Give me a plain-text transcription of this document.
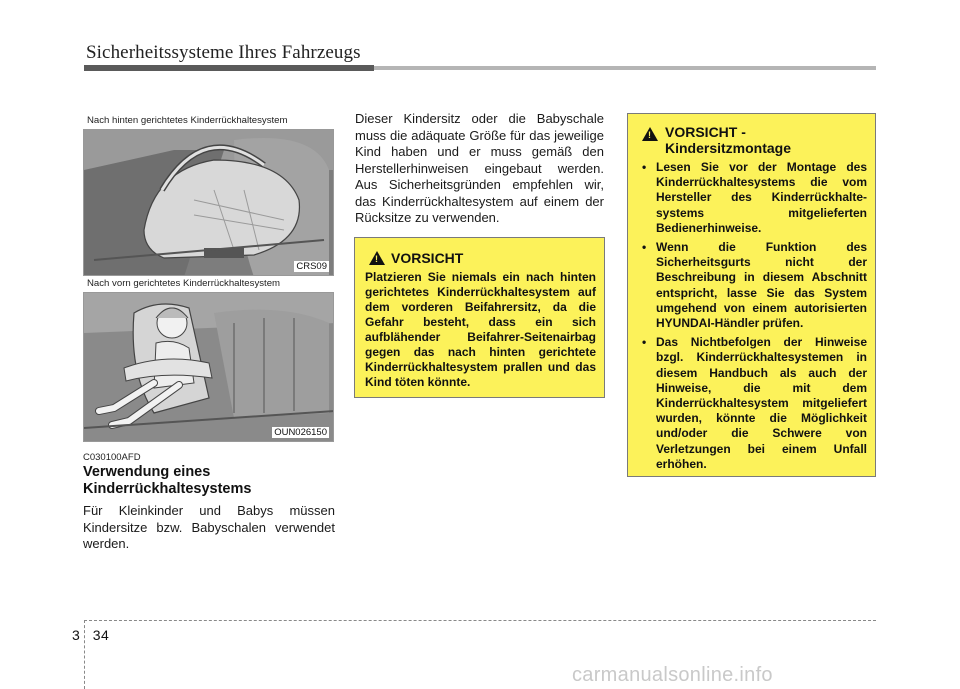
Sicherheitssysteme Ihres Fahrzeugs
Nach hinten gerichtetes Kinderrückhaltesystem
CRS09
Nach vorn gerichtetes Kinderrückhaltesystem
OUN026150
C030100AFD
Verwendung eines Kinderrückhaltesystems
Für Kleinkinder und Babys müssen Kindersitze bzw. Babyschalen verwendet werden.
Dieser Kindersitz oder die Babyschale muss die adäquate Größe für das jeweilige Kind haben und er muss gemäß den Herstellerhinweisen eingebaut werden. Aus Sicherheitsgründen empfehlen wir, das Kinderrückhaltesystem auf einem der Rücksitze zu verwenden.
! VORSICHT
Platzieren Sie niemals ein nach hinten gerichtetes Kinderrückhaltesystem auf dem vorderen Beifahrersitz, da die Gefahr besteht, dass ein sich aufblähender Beifahrer-Seitenairbag gegen das nach hinten gerichtete Kinderrückhaltesystem prallen und das Kind töten könnte.
! VORSICHT -
Kindersitzmontage
• Lesen Sie vor der Montage des Kinderrückhaltesystems die vom Hersteller des Kinderrückhalte-systems mitgelieferten Bedienerhinweise.
• Wenn die Funktion des Sicherheitsgurts nicht der Beschreibung in diesem Abschnitt entspricht, lasse Sie das System umgehend von einem autorisierten HYUNDAI-Händler prüfen.
• Das Nichtbefolgen der Hinweise bzgl. Kinderrückhaltesystemen in diesem Handbuch als auch der Hinweise, die mit dem Kinderrückhaltesystem mitgeliefert wurden, könnte die Möglichkeit und/oder die Schwere von Verletzungen bei einem Unfall erhöhen.
3 34
carmanualsonline.info
